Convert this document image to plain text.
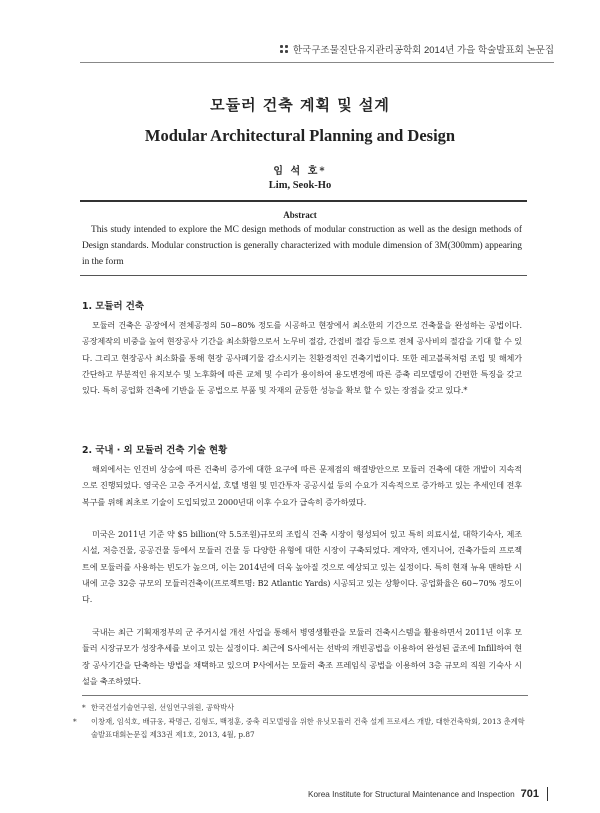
한국구조물진단유지관리공학회 2014년 가을 학술발표회 논문집
모듈러 건축 계획 및 설계
Modular Architectural Planning and Design
임 석 호*
Lim, Seok-Ho
Abstract

This study intended to explore the MC design methods of modular construction as well as the design methods of Design standards. Modular construction is generally characterized with module dimension of 3M(300mm) appearing in the form

1. 모듈러 건축

모듈러 건축은 공장에서 전체공정의 50~80% 정도를 시공하고 현장에서 최소한의 기간으로 건축물을 완성하는 공법이다. 공장제작의 비중을 높여 현장공사 기간을 최소화함으로서 노무비 절감, 간접비 절감 등으로 전체 공사비의 절감을 기대 할 수 있다. 그리고 현장공사 최소화를 통해 현장 공사폐기물 감소시키는 친환경적인 건축기법이다. 또한 레고블록처럼 조립 및 해체가 간단하고 부분적인 유지보수 및 노후화에 따른 교체 및 수리가 용이하여 용도변경에 따른 증축 리모델링이 간편한 특징을 갖고 있다. 특히 공업화 건축에 기반을 둔 공법으로 부품 및 자재의 균등한 성능을 확보 할 수 있는 장점을 갖고 있다.*

2. 국내 · 외 모듈러 건축 기술 현황

해외에서는 인건비 상승에 따른 건축비 증가에 대한 요구에 따른 문제점의 해결방안으로 모듈러 건축에 대한 개발이 지속적으로 진행되었다. 영국은 고층 주거시설, 호텔 병원 및 민간투자 공공시설 등의 수요가 지속적으로 증가하고 있는 추세인데 전후 복구를 위해 최초로 기술이 도입되었고 2000년대 이후 수요가 급속히 증가하였다.

미국은 2011년 기준 약 $5 billion(약 5.5조원)규모의 조립식 건축 시장이 형성되어 있고 특히 의료시설, 대학기숙사, 제조시설, 저층건물, 공공건물 등에서 모듈러 건물 등 다양한 유형에 대한 시장이 구축되었다. 계약자, 엔지니어, 건축가들의 프로젝트에 모듈러를 사용하는 빈도가 높으며, 이는 2014년에 더욱 높아질 것으로 예상되고 있는 실정이다. 특히 현재 뉴욕 맨하탄 시내에 고층 32층 규모의 모듈러건축이(프로젝트명: B2 Atlantic Yards) 시공되고 있는 상황이다. 공업화율은 60~70% 정도이다.

국내는 최근 기획재정부의 군 주거시설 개선 사업을 통해서 병영생활관을 모듈러 건축시스템을 활용하면서 2011년 이후 모듈러 시장규모가 성장추세를 보이고 있는 실정이다. 최근에 S사에서는 선박의 캐빈공법을 이용하여 완성된 골조에 Infill하여 현장 공사기간을 단축하는 방법을 채택하고 있으며 P사에서는 모듈러 축조 프레임식 공법을 이용하여 3층 규모의 직원 기숙사 시설을 축조하였다.

* 한국건설기술연구원, 선임연구위원, 공학박사

* 이창재, 임석호, 배규웅, 곽명근, 김형도, 백정훈, 중축 리모델링을 위한 유닛모듈러 건축 설계 프로세스 개발, 대한건축학회, 2013 춘계학술발표대회논문집 제33권 제1호, 2013, 4월, p.87

Korea Institute for Structural Maintenance and Inspection 701
